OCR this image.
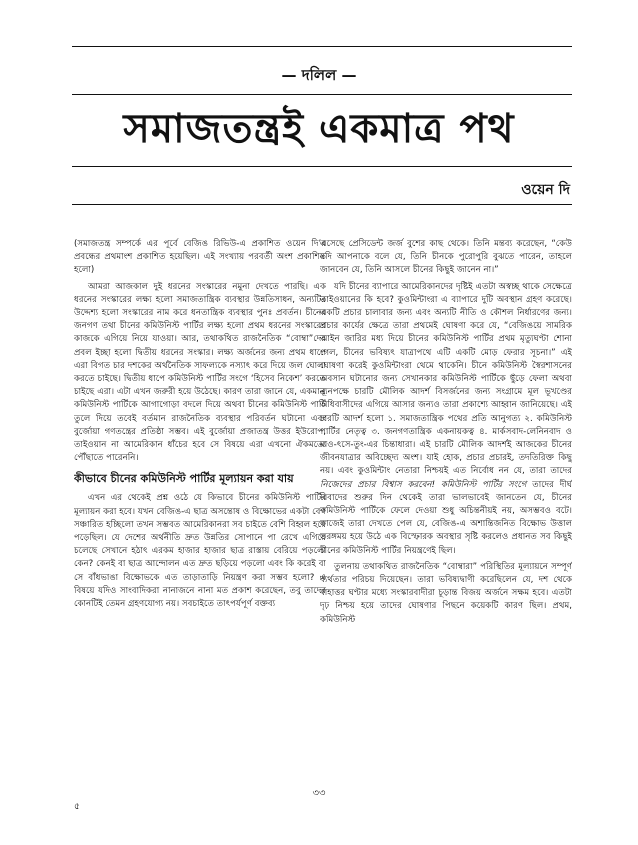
— দলিল —
সমাজতন্ত্রই একমাত্র পথ
ওয়েন দি

(সমাজতন্ত্র সম্পর্কে এর পূর্বে বেজিঙ রিভিউ-এ প্রকাশিত ওয়েন দি’র প্রবন্ধের প্রথমাংশ প্রকাশিত হয়েছিল। এই সংখ্যায় পরবর্তী অংশ প্রকাশিত হলো)

আমরা আজকাল দুই ধরনের সংস্কারের নমুনা দেখতে পারছি। এক ধরনের সংস্কারের লক্ষ্য হলো সমাজতান্ত্রিক ব্যবস্থার উন্নতিসাধন, অন্যটির উদ্দেশ্য হলো সংস্কারের নাম করে ধনতান্ত্রিক ব্যবস্থার পুনঃ প্রবর্তন। চীনের জনগণ তথা চীনের কমিউনিস্ট পার্টির লক্ষ্য হলো প্রথম ধরনের সংস্কারের কাজকে এগিয়ে নিয়ে যাওয়া। আর, তথাকথিত রাজনৈতিক “বোম্বা”দের প্রবল ইচ্ছা হলো দ্বিতীয় ধরনের সংস্কার। লক্ষ্য অর্জনের জন্য প্রথম ধাপে এরা বিগত চার দশকের অর্থনৈতিক সাফল্যকে নস্যাৎ করে দিয়ে জল ঘোলা করতে চাইছে। দ্বিতীয় ধাপে কমিউনিস্ট পার্টির সংগে ‘হিসেব নিকেশ’ করতে চাইছে এরা। এটা এখন জরুরী হয়ে উঠেছে। কারণ তারা জানে যে, একমাত্র কমিউনিস্ট পার্টিকে আগাগোড়া বদলে দিয়ে অথবা চীনের কমিউনিস্ট পার্টি তুলে দিয়ে তবেই বর্তমান রাজনৈতিক ব্যবস্থার পরিবর্তন ঘটানো এবং বুর্জোয়া গণতন্ত্রের প্রতিষ্ঠা সম্ভব। এই বুর্জোয়া প্রজাতন্ত্র উত্তর ইউরোপ, তাইওয়ান না আমেরিকান ধাঁচের হবে সে বিষয়ে এরা এখনো ঐকমত্যে পৌঁছাতে পারেননি।

কীভাবে চীনের কমিউনিস্ট পার্টির মূল্যায়ন করা যায়

এখন এর থেকেই প্রশ্ন ওঠে যে কিভাবে চীনের কমিউনিস্ট পার্টির মূল্যায়ন করা হবে। যখন বেজিঙ-এ ছাত্র অসন্তোষ ও বিক্ষোভের একটা বেগ সঞ্চারিত হচ্ছিলো তখন সম্ভবত আমেরিকানরা সব চাইতে বেশি বিহ্বল হয়ে পড়েছিল। যে দেশের অর্থনীতি দ্রুত উন্নতির সোপানে পা রেখে এগিয়ে চলেছে সেখানে হঠাৎ এরকম হাজার হাজার ছাত্র রাস্তায় বেরিয়ে পড়লো কেন? কেনই বা ছাত্র আন্দোলন এত দ্রুত ছড়িয়ে পড়লো এবং কি করেই বা সে বাঁধভাঙা বিক্ষোভকে এত তাড়াতাড়ি নিয়ন্ত্রণ করা সম্ভব হলো? এ বিষয়ে যদিও সাংবাদিকরা নানাজনে নানা মত প্রকাশ করেছেন, তবু তাদের কোনটিই তেমন গ্রহণযোগ্য নয়। সবচাইতে তাৎপর্যপূর্ণ বক্তব্য

এসেছে প্রেসিডেন্ট জর্জ বুশের কাছ থেকে। তিনি মন্তব্য করেছেন, “কেউ যদি আপনাকে বলে যে, তিনি চীনকে পুরোপুরি বুঝতে পারেন, তাহলে জানবেন যে, তিনি আসলে চীনের কিছুই জানেন না।”

যদি চীনের ব্যাপারে আমেরিকানদের দৃষ্টিই এতটা অস্বচ্ছ থাকে সেক্ষেত্রে তাইওয়ানের কি হবে? কুওমিন্টাংরা এ ব্যাপারে দুটি অবস্থান গ্রহণ করেছে। একটি প্রচার চালাবার জন্য এবং অন্যটি নীতি ও কৌশল নির্ধারণের জন্য। প্রচার কার্যের ক্ষেত্রে তারা প্রথমেই ঘোষণা করে যে, “বেজিঙয়ে সামরিক আইন জারির মধ্য দিয়ে চীনের কমিউনিস্ট পার্টির প্রথম মৃত্যুঘণ্টা শোনা গেল, চীনের ভবিষ্যৎ যাত্রাপথে এটি একটি মোড় ফেরার সূচনা।” এই ঘোষণা করেই কুওমিন্টাংরা থেমে থাকেনি। চীনে কমিউনিস্ট স্বৈরশাসনের অবসান ঘটানোর জন্য সেখানকার কমিউনিস্ট পার্টিকে ছুঁড়ে ফেলা অথবা ন্যূনপক্ষে চারটি মৌলিক আদর্শ বিসর্জনের জন্য সংগ্রামে মূল ভূখণ্ডের অধিবাসীদের এগিয়ে আসার জন্যও তারা প্রকাশ্যে আহ্বান জানিয়েছে। এই চারটি আদর্শ হলো ১. সমাজতান্ত্রিক পথের প্রতি আনুগত্য ২. কমিউনিস্ট পার্টির নেতৃত্ব ৩. জনগণতান্ত্রিক একনায়কত্ব ৪. মার্কসবাদ-লেনিনবাদ ও মাও-ৎসে-তুং-এর চিন্তাধারা। এই চারটি মৌলিক আদর্শই আজকের চীনের জীবনযাত্রার অবিচ্ছেদ্য অংশ। যাই হোক, প্রচার প্রচারই, তদতিরিক্ত কিছু নয়। এবং কুওমিন্টাং নেতারা নিশ্চয়ই এত নির্বোধ নন যে, তারা তাদের নিজেদের প্রচার বিশ্বাস করবেন! কমিউনিস্ট পার্টির সংগে তাদের দীর্ঘ বিবাদের শুরুর দিন থেকেই তারা ভালভাবেই জানতেন যে, চীনের কমিউনিস্ট পার্টিকে ফেলে দেওয়া শুধু অচিন্তনীয়ই নয়, অসম্ভবও বটে। কাজেই তারা দেখতে পেল যে, বেজিঙ-এ অশান্তিজনিত বিক্ষোভ উত্তাল তরঙ্গময় হয়ে উঠে এক বিস্ফোরক অবস্থার সৃষ্টি করলেও প্রধানত সব কিছুই চীনের কমিউনিস্ট পার্টির নিয়ন্ত্রণেই ছিল।

তুলনায় তথাকথিত রাজনৈতিক “বোম্বারা” পরিস্থিতির মূল্যায়নে সম্পূর্ণ ব্যর্থতার পরিচয় দিয়েছেন। তারা ভবিষ্যদ্বাণী করেছিলেন যে, দশ থেকে বাহাত্তর ঘণ্টার মধ্যে সংস্কারবাদীরা চূড়ান্ত বিজয় অর্জনে সক্ষম হবে। এতটা দৃঢ় নিশ্চয় হয়ে তাদের ঘোষণার পিছনে কয়েকটি কারণ ছিল। প্রথম, কমিউনিস্ট

৩৩
৫
